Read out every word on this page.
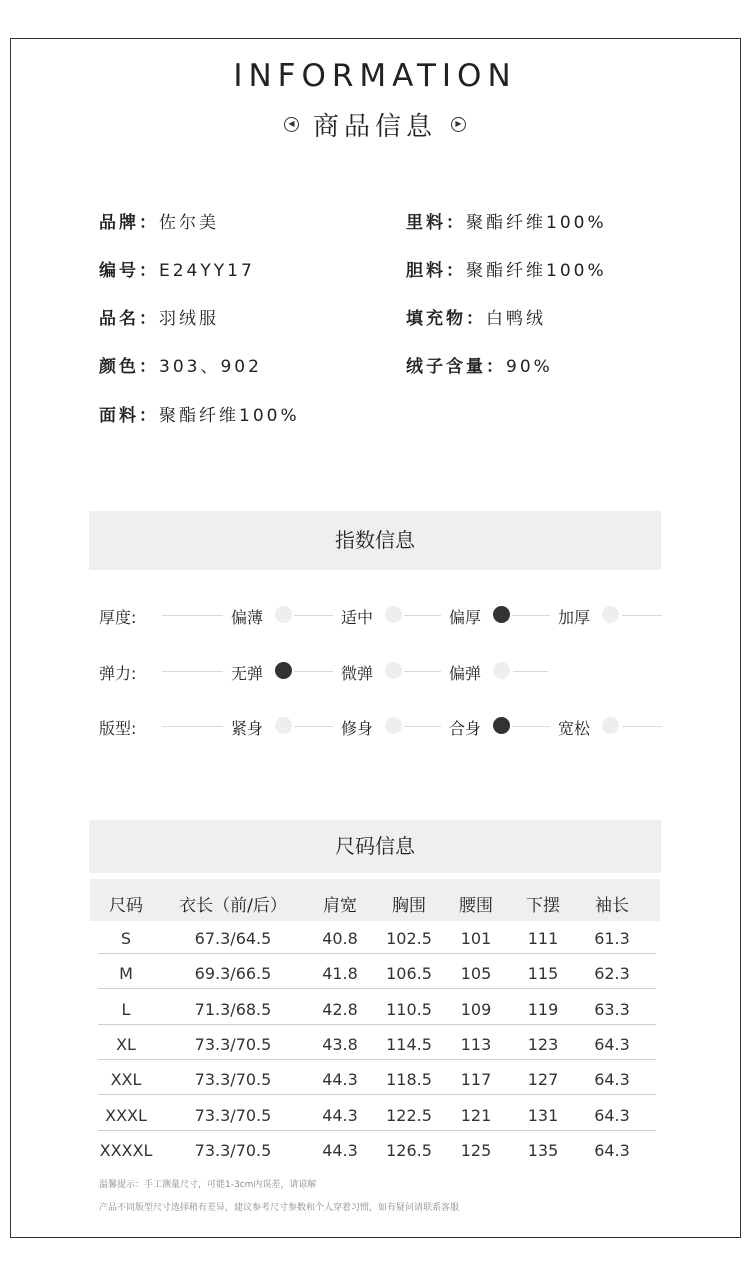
INFORMATION
◀ 商品信息	▶
品牌：佐尔美
编号：E24YY17
品名：羽绒服
颜色：303、902
面料：聚酯纤维100%
里料：聚酯纤维100%
胆料：聚酯纤维100%
填充物：白鸭绒
绒子含量：90%
指数信息
厚度:	偏薄	适中	偏厚	加厚
弹力:	无弹	微弹	偏弹
版型:	紧身	修身	合身	宽松
尺码信息
尺码 衣长（前/后） 肩宽 胸围 腰围 下摆 袖长
S	67.3/64.5	40.8 102.5 101 111 61.3
M	69.3/66.5	41.8 106.5 105 115 62.3
L	71.3/68.5	42.8 110.5 109 119 63.3
XL	73.3/70.5	43.8 114.5 113 123 64.3
XXL	73.3/70.5	44.3 118.5 117 127 64.3
XXXL	73.3/70.5	44.3 122.5 121 131 64.3
XXXXL	73.3/70.5	44.3 126.5 125 135 64.3
温馨提示：手工测量尺寸，可能1-3cm内误差，请谅解
产品不同版型尺寸选择稍有差异，建议参考尺寸参数和个人穿着习惯，如有疑问请联系客服
